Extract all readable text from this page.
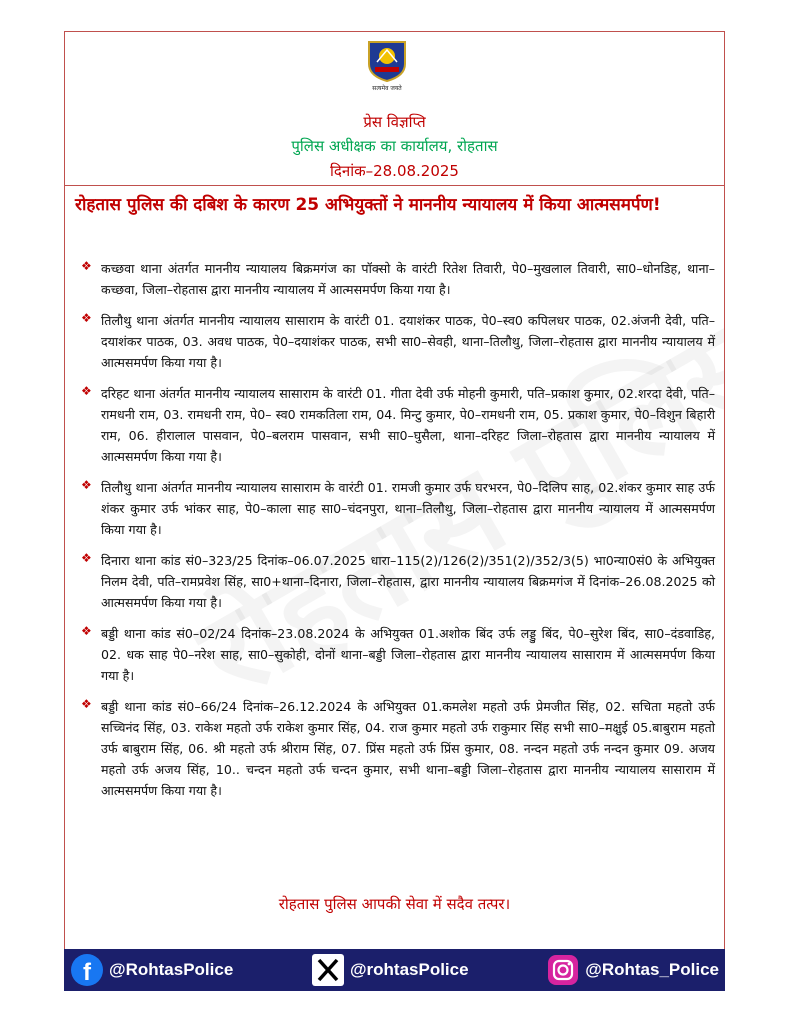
सत्यमेव जयते
प्रेस विज्ञप्ति
पुलिस अधीक्षक का कार्यालय, रोहतास
दिनांक–28.08.2025
रोहतास पुलिस की दबिश के कारण 25 अभियुक्तों ने माननीय न्यायालय में किया आत्मसमर्पण!
❖ कच्छवा थाना अंतर्गत माननीय न्यायालय बिक्रमगंज का पॉक्सो के वारंटी रितेश तिवारी, पे0–मुखलाल तिवारी, सा0–धोनडिह, थाना–कच्छवा, जिला–रोहतास द्वारा माननीय न्यायालय में आत्मसमर्पण किया गया है।
❖ तिलौथु थाना अंतर्गत माननीय न्यायालय सासाराम के वारंटी 01. दयाशंकर पाठक, पे0–स्व0 कपिलधर पाठक, 02.अंजनी देवी, पति–दयाशंकर पाठक, 03. अवध पाठक, पे0–दयाशंकर पाठक, सभी सा0–सेवही, थाना–तिलौथु, जिला–रोहतास द्वारा माननीय न्यायालय में आत्मसमर्पण किया गया है।
❖ दरिहट थाना अंतर्गत माननीय न्यायालय सासाराम के वारंटी 01. गीता देवी उर्फ मोहनी कुमारी, पति–प्रकाश कुमार, 02.शरदा देवी, पति–रामधनी राम, 03. रामधनी राम, पे0– स्व0 रामकतिला राम, 04. मिन्टु कुमार, पे0–रामधनी राम, 05. प्रकाश कुमार, पे0–विशुन बिहारी राम, 06. हीरालाल पासवान, पे0–बलराम पासवान, सभी सा0–घुसैला, थाना–दरिहट जिला–रोहतास द्वारा माननीय न्यायालय में आत्मसमर्पण किया गया है।
❖ तिलौथु थाना अंतर्गत माननीय न्यायालय सासाराम के वारंटी 01. रामजी कुमार उर्फ घरभरन, पे0–दिलिप साह, 02.शंकर कुमार साह उर्फ शंकर कुमार उर्फ भांकर साह, पे0–काला साह सा0–चंदनपुरा, थाना–तिलौथु, जिला–रोहतास द्वारा माननीय न्यायालय में आत्मसमर्पण किया गया है।
❖ दिनारा थाना कांड सं0–323/25 दिनांक–06.07.2025 धारा–115(2)/126(2)/351(2)/352/3(5) भा0न्या0सं0 के अभियुक्त निलम देवी, पति–रामप्रवेश सिंह, सा0+थाना–दिनारा, जिला–रोहतास, द्वारा माननीय न्यायालय बिक्रमगंज में दिनांक–26.08.2025 को आत्मसमर्पण किया गया है।
❖ बड्डी थाना कांड सं0–02/24 दिनांक–23.08.2024 के अभियुक्त 01.अशोक बिंद उर्फ लड्डु बिंद, पे0–सुरेश बिंद, सा0–दंडवाडिह, 02. धक साह पे0–नरेश साह, सा0–सुकोही, दोनों थाना–बड्डी जिला–रोहतास द्वारा माननीय न्यायालय सासाराम में आत्मसमर्पण किया गया है।
❖ बड्डी थाना कांड सं0–66/24 दिनांक–26.12.2024 के अभियुक्त 01.कमलेश महतो उर्फ प्रेमजीत सिंह, 02. सचिता महतो उर्फ सच्चिनंद सिंह, 03. राकेश महतो उर्फ राकेश कुमार सिंह, 04. राज कुमार महतो उर्फ राकुमार सिंह सभी सा0–मक्षुई 05.बाबुराम महतो उर्फ बाबुराम सिंह, 06. श्री महतो उर्फ श्रीराम सिंह, 07. प्रिंस महतो उर्फ प्रिंस कुमार, 08. नन्दन महतो उर्फ नन्दन कुमार 09. अजय महतो उर्फ अजय सिंह, 10.. चन्दन महतो उर्फ चन्दन कुमार, सभी थाना–बड्डी जिला–रोहतास द्वारा माननीय न्यायालय सासाराम में आत्मसमर्पण किया गया है।
रोहतास पुलिस आपकी सेवा में सदैव तत्पर।
f @RohtasPolice	@rohtasPolice	@Rohtas_Police
